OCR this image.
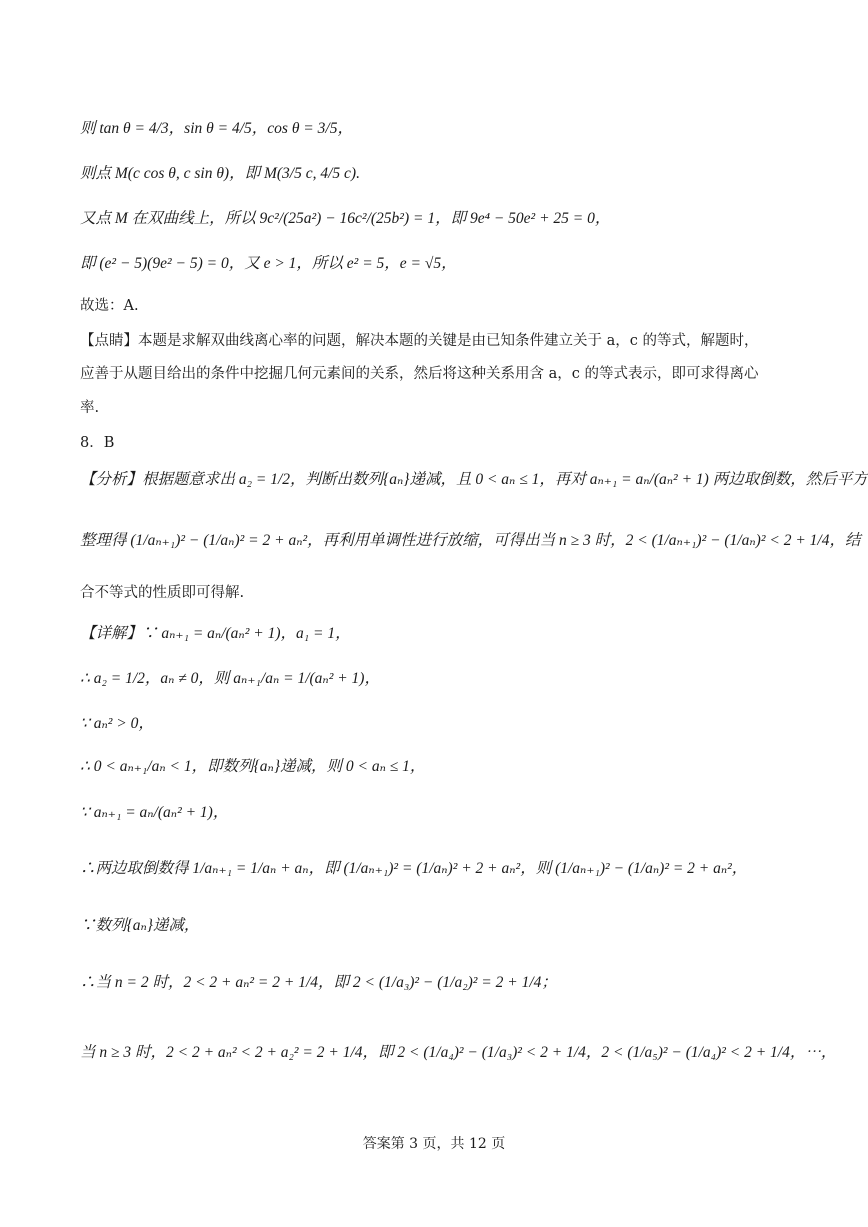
则 tan θ = 4/3，sin θ = 4/5，cos θ = 3/5，
则点 M(c cos θ, c sin θ)，即 M(3/5 c, 4/5 c).
又点 M 在双曲线上，所以 9c²/(25a²) − 16c²/(25b²) = 1，即 9e⁴ − 50e² + 25 = 0，
即 (e² − 5)(9e² − 5) = 0，又 e > 1，所以 e² = 5，e = √5，
故选：A.
【点睛】本题是求解双曲线离心率的问题，解决本题的关键是由已知条件建立关于 a，c 的等式，解题时，
应善于从题目给出的条件中挖掘几何元素间的关系，然后将这种关系用含 a，c 的等式表示，即可求得离心
率.
8．B
【分析】根据题意求出 a₂ = 1/2，判断出数列{aₙ}递减，且 0 < aₙ ≤ 1，再对 aₙ₊₁ = aₙ/(aₙ² + 1) 两边取倒数，然后平方
整理得 (1/aₙ₊₁)² − (1/aₙ)² = 2 + aₙ²，再利用单调性进行放缩，可得出当 n ≥ 3 时，2 < (1/aₙ₊₁)² − (1/aₙ)² < 2 + 1/4，结
合不等式的性质即可得解.
【详解】∵ aₙ₊₁ = aₙ/(aₙ² + 1)，a₁ = 1，
∴ a₂ = 1/2，aₙ ≠ 0，则 aₙ₊₁/aₙ = 1/(aₙ² + 1)，
∵ aₙ² > 0，
∴ 0 < aₙ₊₁/aₙ < 1，即数列{aₙ}递减，则 0 < aₙ ≤ 1，
∵ aₙ₊₁ = aₙ/(aₙ² + 1)，
∴两边取倒数得 1/aₙ₊₁ = 1/aₙ + aₙ，即 (1/aₙ₊₁)² = (1/aₙ)² + 2 + aₙ²，则 (1/aₙ₊₁)² − (1/aₙ)² = 2 + aₙ²，
∵数列{aₙ}递减，
∴当 n = 2 时，2 < 2 + aₙ² = 2 + 1/4，即 2 < (1/a₃)² − (1/a₂)² = 2 + 1/4；
当 n ≥ 3 时，2 < 2 + aₙ² < 2 + a₂² = 2 + 1/4，即 2 < (1/a₄)² − (1/a₃)² < 2 + 1/4，2 < (1/a₅)² − (1/a₄)² < 2 + 1/4，⋯，
答案第 3 页，共 12 页
